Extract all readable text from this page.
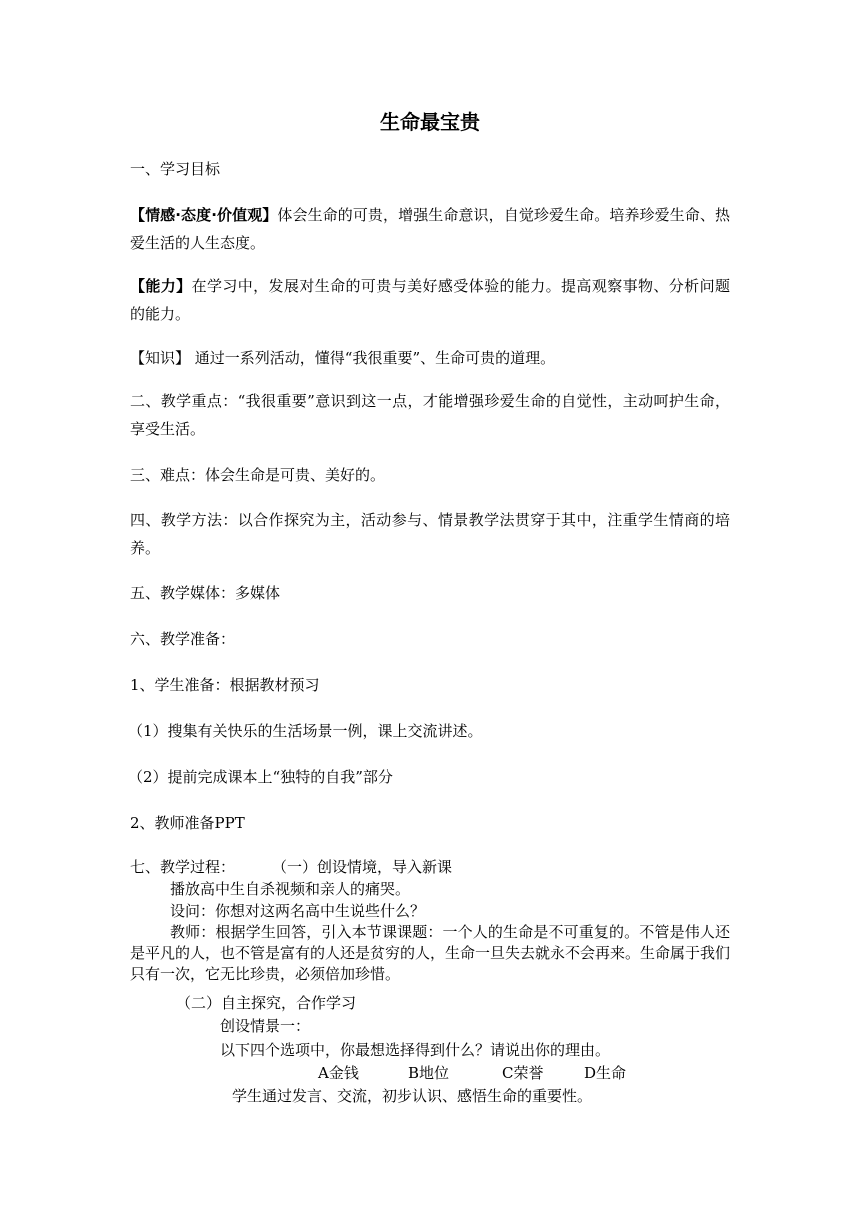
生命最宝贵
一、学习目标
【情感·态度·价值观】体会生命的可贵，增强生命意识，自觉珍爱生命。培养珍爱生命、热爱生活的人生态度。
【能力】在学习中，发展对生命的可贵与美好感受体验的能力。提高观察事物、分析问题的能力。
【知识】 通过一系列活动，懂得“我很重要”、生命可贵的道理。
二、教学重点：“我很重要”意识到这一点，才能增强珍爱生命的自觉性，主动呵护生命，享受生活。
三、难点：体会生命是可贵、美好的。
四、教学方法：以合作探究为主，活动参与、情景教学法贯穿于其中，注重学生情商的培养。
五、教学媒体：多媒体
六、教学准备：
1、学生准备：根据教材预习
（1）搜集有关快乐的生活场景一例，课上交流讲述。
（2）提前完成课本上“独特的自我”部分
2、教师准备PPT
七、教学过程： （一）创设情境，导入新课
播放高中生自杀视频和亲人的痛哭。
设问：你想对这两名高中生说些什么？
教师：根据学生回答，引入本节课课题：一个人的生命是不可重复的。不管是伟人还是平凡的人，也不管是富有的人还是贫穷的人，生命一旦失去就永不会再来。生命属于我们只有一次，它无比珍贵，必须倍加珍惜。
（二）自主探究，合作学习
创设情景一：
以下四个选项中，你最想选择得到什么？请说出你的理由。
A金钱	B地位	C荣誉	D生命
学生通过发言、交流，初步认识、感悟生命的重要性。
